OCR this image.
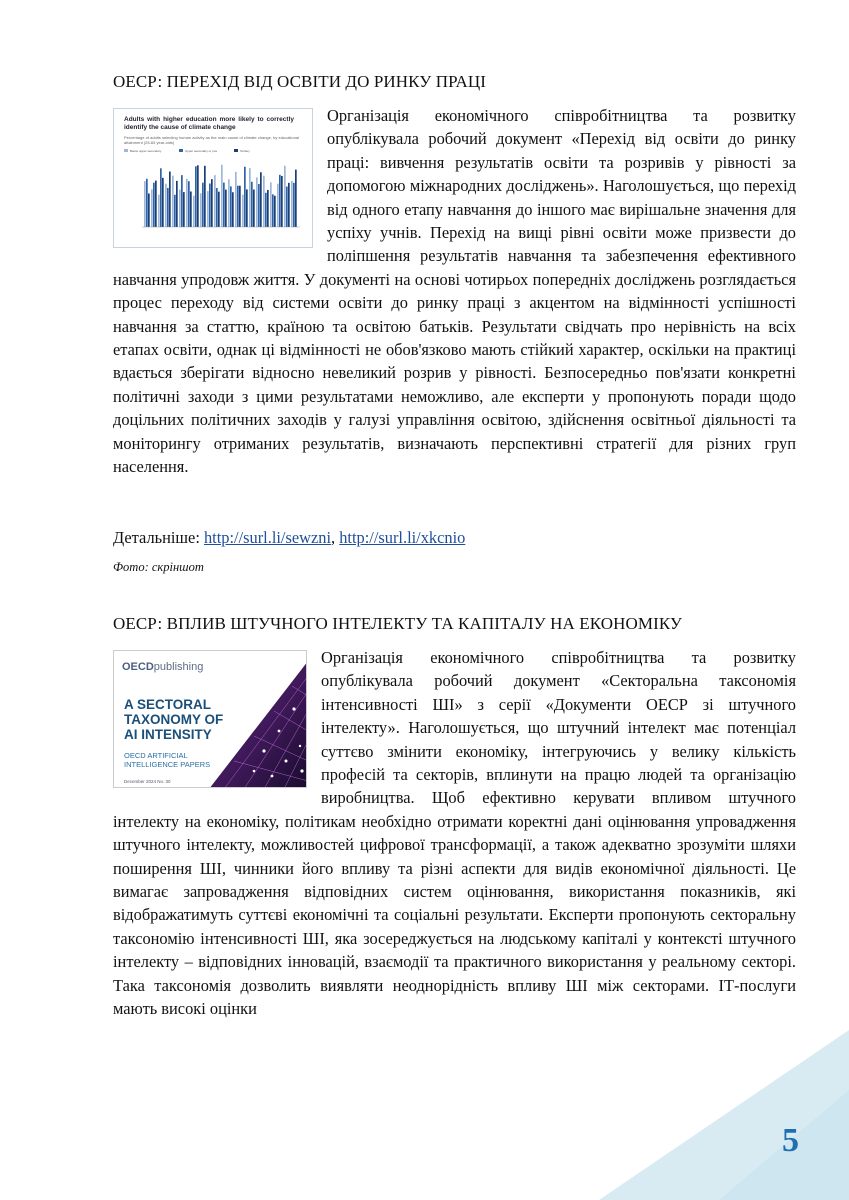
5
ОЕСР: ПЕРЕХІД ВІД ОСВІТИ ДО РИНКУ ПРАЦІ
Adults with higher education more likely to correctly identify the cause of climate change
Percentage of adults selecting human activity as the main cause of climate change, by educational attainment (25-65 year-olds)
Below upper secondary	Upper secondary or pos	Tertiary

Організація економічного співробітництва та розвитку опублікувала робочий документ «Перехід від освіти до ринку праці: вивчення результатів освіти та розривів у рівності за допомогою міжнародних досліджень». Наголошується, що перехід від одного етапу навчання до іншого має вирішальне значення для успіху учнів. Перехід на вищі рівні освіти може призвести до поліпшення результатів навчання та забезпечення ефективного навчання упродовж життя. У документі на основі чотирьох попередніх досліджень розглядається процес переходу від системи освіти до ринку праці з акцентом на відмінності успішності навчання за статтю, країною та освітою батьків. Результати свідчать про нерівність на всіх етапах освіти, однак ці відмінності не обов'язково мають стійкий характер, оскільки на практиці вдається зберігати відносно невеликий розрив у рівності. Безпосередньо пов'язати конкретні політичні заходи з цими результатами неможливо, але експерти у пропонують поради щодо доцільних політичних заходів у галузі управління освітою, здійснення освітньої діяльності та моніторингу отриманих результатів, визначають перспективні стратегії для різних груп населення.

Детальніше: http://surl.li/sewzni, http://surl.li/xkcnio
Фото: скріншот
ОЕСР: ВПЛИВ ШТУЧНОГО ІНТЕЛЕКТУ ТА КАПІТАЛУ НА ЕКОНОМІКУ
OECDpublishing
A SECTORAL
TAXONOMY OF
AI INTENSITY
OECD ARTIFICIAL
INTELLIGENCE PAPERS
December 2024 No. 30

Організація економічного співробітництва та розвитку опублікувала робочий документ «Секторальна таксономія інтенсивності ШІ» з серії «Документи ОЕСР зі штучного інтелекту». Наголошується, що штучний інтелект має потенціал суттєво змінити економіку, інтегруючись у велику кількість професій та секторів, вплинути на працю людей та організацію виробництва. Щоб ефективно керувати впливом штучного інтелекту на економіку, політикам необхідно отримати коректні дані оцінювання упровадження штучного інтелекту, можливостей цифрової трансформації, а також адекватно зрозуміти шляхи поширення ШІ, чинники його впливу та різні аспекти для видів економічної діяльності. Це вимагає запровадження відповідних систем оцінювання, використання показників, які відображатимуть суттєві економічні та соціальні результати. Експерти пропонують секторальну таксономію інтенсивності ШІ, яка зосереджується на людському капіталі у контексті штучного інтелекту – відповідних інновацій, взаємодії та практичного використання у реальному секторі. Така таксономія дозволить виявляти неоднорідність впливу ШІ між секторами. ІТ-послуги мають високі оцінки
